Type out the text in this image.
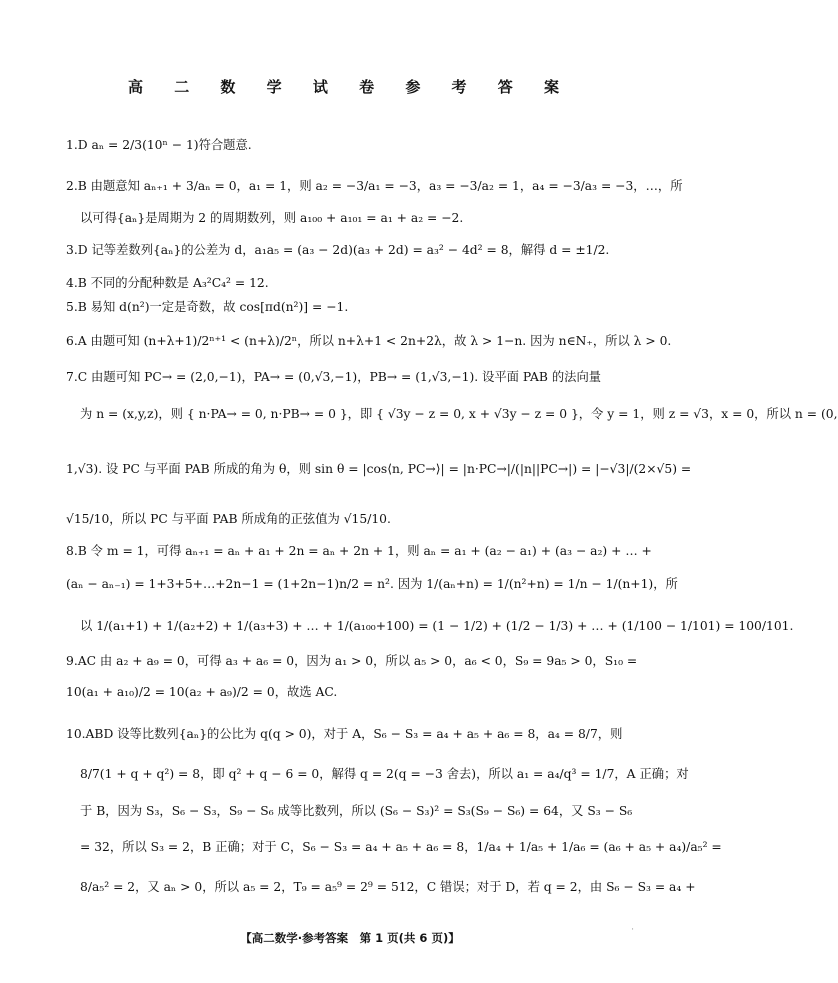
高 二 数 学 试 卷 参 考 答 案
1.D aₙ = 2/3(10ⁿ − 1)符合题意.
2.B 由题意知 aₙ₊₁ + 3/aₙ = 0，a₁ = 1，则 a₂ = −3/a₁ = −3，a₃ = −3/a₂ = 1，a₄ = −3/a₃ = −3，…，所
以可得{aₙ}是周期为 2 的周期数列，则 a₁₀₀ + a₁₀₁ = a₁ + a₂ = −2.
3.D 记等差数列{aₙ}的公差为 d，a₁a₅ = (a₃ − 2d)(a₃ + 2d) = a₃² − 4d² = 8，解得 d = ±1/2.
4.B 不同的分配种数是 A₃²C₄² = 12.
5.B 易知 d(n²)一定是奇数，故 cos[πd(n²)] = −1.
6.A 由题可知 (n+λ+1)/2ⁿ⁺¹ < (n+λ)/2ⁿ，所以 n+λ+1 < 2n+2λ，故 λ > 1−n. 因为 n∈N₊，所以 λ > 0.
7.C 由题可知 PC→ = (2,0,−1)，PA→ = (0,√3,−1)，PB→ = (1,√3,−1). 设平面 PAB 的法向量
为 n = (x,y,z)，则 { n·PA→ = 0, n·PB→ = 0 }，即 { √3y − z = 0, x + √3y − z = 0 }，令 y = 1，则 z = √3，x = 0，所以 n = (0,
1,√3). 设 PC 与平面 PAB 所成的角为 θ，则 sin θ = |cos⟨n, PC→⟩| = |n·PC→|/(|n||PC→|) = |−√3|/(2×√5) =
√15/10，所以 PC 与平面 PAB 所成角的正弦值为 √15/10.
8.B 令 m = 1，可得 aₙ₊₁ = aₙ + a₁ + 2n = aₙ + 2n + 1，则 aₙ = a₁ + (a₂ − a₁) + (a₃ − a₂) + … +
(aₙ − aₙ₋₁) = 1+3+5+…+2n−1 = (1+2n−1)n/2 = n². 因为 1/(aₙ+n) = 1/(n²+n) = 1/n − 1/(n+1)，所
以 1/(a₁+1) + 1/(a₂+2) + 1/(a₃+3) + … + 1/(a₁₀₀+100) = (1 − 1/2) + (1/2 − 1/3) + … + (1/100 − 1/101) = 100/101.
9.AC 由 a₂ + a₉ = 0，可得 a₃ + a₆ = 0，因为 a₁ > 0，所以 a₅ > 0，a₆ < 0，S₉ = 9a₅ > 0，S₁₀ =
10(a₁ + a₁₀)/2 = 10(a₂ + a₉)/2 = 0，故选 AC.
10.ABD 设等比数列{aₙ}的公比为 q(q > 0)，对于 A，S₆ − S₃ = a₄ + a₅ + a₆ = 8，a₄ = 8/7，则
8/7(1 + q + q²) = 8，即 q² + q − 6 = 0，解得 q = 2(q = −3 舍去)，所以 a₁ = a₄/q³ = 1/7，A 正确；对
于 B，因为 S₃，S₆ − S₃，S₉ − S₆ 成等比数列，所以 (S₆ − S₃)² = S₃(S₉ − S₆) = 64，又 S₃ − S₆
= 32，所以 S₃ = 2，B 正确；对于 C，S₆ − S₃ = a₄ + a₅ + a₆ = 8，1/a₄ + 1/a₅ + 1/a₆ = (a₆ + a₅ + a₄)/a₅² =
8/a₅² = 2，又 aₙ > 0，所以 a₅ = 2，T₉ = a₅⁹ = 2⁹ = 512，C 错误；对于 D，若 q = 2，由 S₆ − S₃ = a₄ +
【高二数学·参考答案　第 1 页(共 6 页)】
·
